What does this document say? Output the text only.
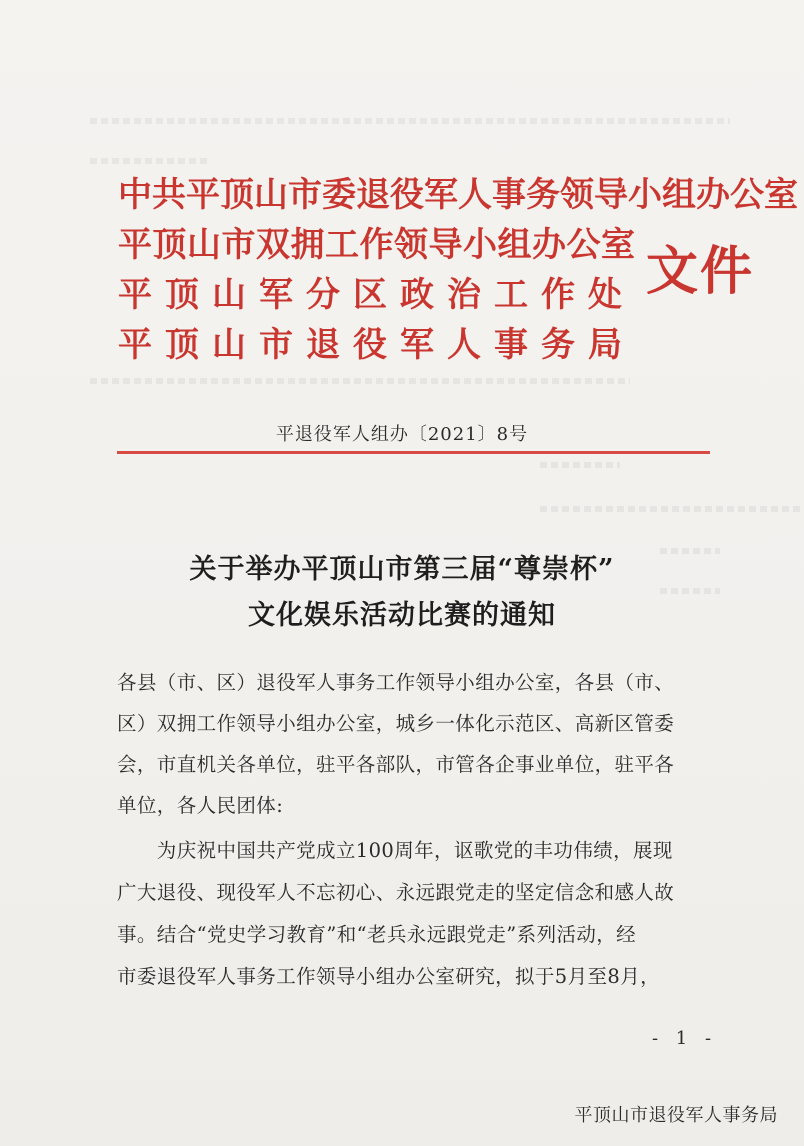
中共平顶山市委退役军人事务领导小组办公室
平顶山市双拥工作领导小组办公室
平顶山军分区政治工作处
平顶山市退役军人事务局
文件
平退役军人组办〔2021〕8号
关于举办平顶山市第三届“尊崇杯”
文化娱乐活动比赛的通知
各县（市、区）退役军人事务工作领导小组办公室，各县（市、
区）双拥工作领导小组办公室，城乡一体化示范区、高新区管委
会，市直机关各单位，驻平各部队，市管各企事业单位，驻平各
单位，各人民团体:
　　为庆祝中国共产党成立100周年，讴歌党的丰功伟绩，展现
广大退役、现役军人不忘初心、永远跟党走的坚定信念和感人故
事。结合“党史学习教育”和“老兵永远跟党走”系列活动，经
市委退役军人事务工作领导小组办公室研究，拟于5月至8月，
- 1 -
平顶山市退役军人事务局
